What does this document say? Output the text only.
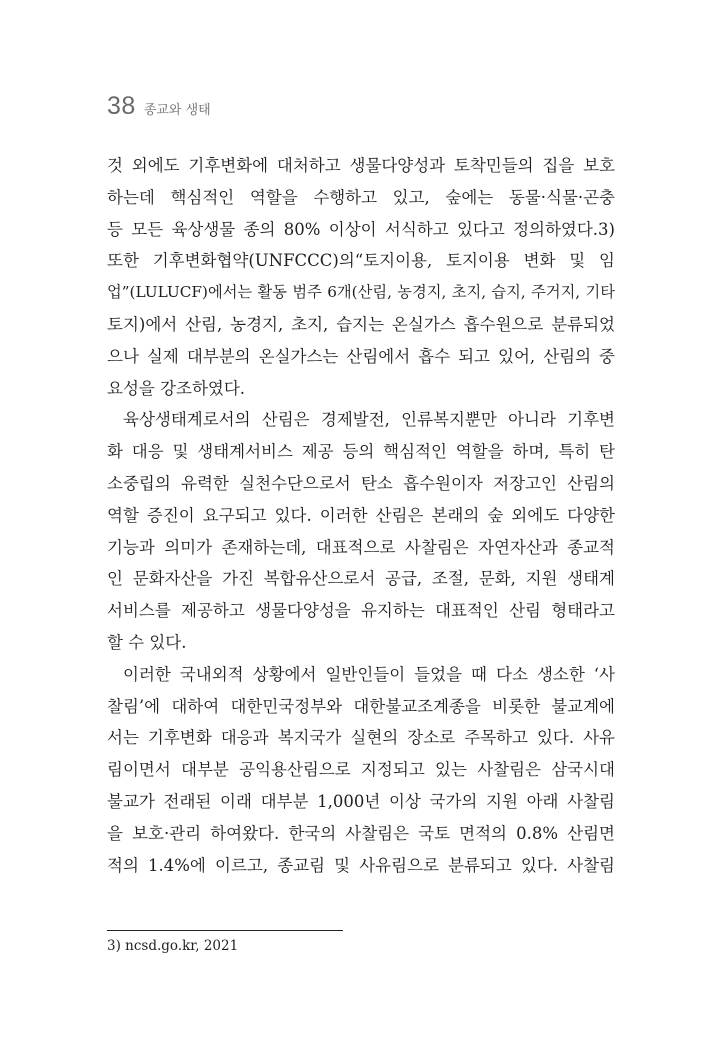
38 종교와 생태
것 외에도 기후변화에 대처하고 생물다양성과 토착민들의 집을 보호
하는데 핵심적인 역할을 수행하고 있고, 숲에는 동물·식물·곤충
등 모든 육상생물 종의 80% 이상이 서식하고 있다고 정의하였다.3)
또한 기후변화협약(UNFCCC)의“토지이용, 토지이용 변화 및 임
업”(LULUCF)에서는 활동 범주 6개(산림, 농경지, 초지, 습지, 주거지, 기타
토지)에서 산림, 농경지, 초지, 습지는 온실가스 흡수원으로 분류되었
으나 실제 대부분의 온실가스는 산림에서 흡수 되고 있어, 산림의 중
요성을 강조하였다.
육상생태계로서의 산림은 경제발전, 인류복지뿐만 아니라 기후변
화 대응 및 생태계서비스 제공 등의 핵심적인 역할을 하며, 특히 탄
소중립의 유력한 실천수단으로서 탄소 흡수원이자 저장고인 산림의
역할 증진이 요구되고 있다. 이러한 산림은 본래의 숲 외에도 다양한
기능과 의미가 존재하는데, 대표적으로 사찰림은 자연자산과 종교적
인 문화자산을 가진 복합유산으로서 공급, 조절, 문화, 지원 생태계
서비스를 제공하고 생물다양성을 유지하는 대표적인 산림 형태라고
할 수 있다.
이러한 국내외적 상황에서 일반인들이 들었을 때 다소 생소한 ‘사
찰림’에 대하여 대한민국정부와 대한불교조계종을 비롯한 불교계에
서는 기후변화 대응과 복지국가 실현의 장소로 주목하고 있다. 사유
림이면서 대부분 공익용산림으로 지정되고 있는 사찰림은 삼국시대
불교가 전래된 이래 대부분 1,000년 이상 국가의 지원 아래 사찰림
을 보호·관리 하여왔다. 한국의 사찰림은 국토 면적의 0.8% 산림면
적의 1.4%에 이르고, 종교림 및 사유림으로 분류되고 있다. 사찰림
3) ncsd.go.kr, 2021
